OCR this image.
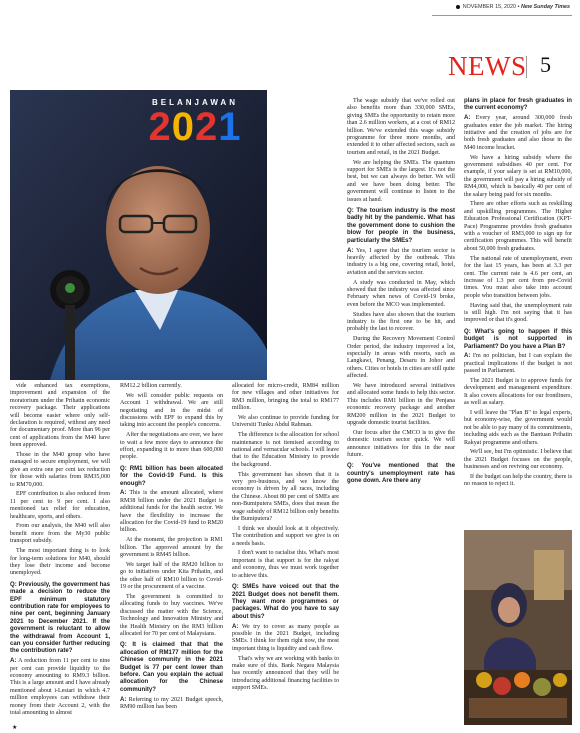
NOVEMBER 15, 2020 • New Sunday Times
NEWS 5
BELANJAWAN
2021

vide enhanced tax exemptions, improvement and expansion of the moratorium under the Prihatin economic recovery package. Their applications will become easier where only self-declaration is required, without any need for documentary proof. More than 96 per cent of applications from the M40 have been approved.

Those in the M40 group who have managed to secure employment, we will give an extra one per cent tax reduction for those with salaries from RM35,000 to RM70,000.

EPF contribution is also reduced from 11 per cent to 9 per cent. I also mentioned tax relief for education, healthcare, sports, and others.

From our analysis, the M40 will also benefit more from the My30 public transport subsidy.

The most important thing is to look for long-term solutions for M40, should they lose their income and become unemployed.

Q: Previously, the government has made a decision to reduce the EPF minimum statutory contribution rate for employees to nine per cent, beginning January 2021 to December 2021. If the government is reluctant to allow the withdrawal from Account 1, can you consider further reducing the contribution rate?

A: A reduction from 11 per cent to nine per cent can provide liquidity to the economy amounting to RM9.3 billion. This is a large amount and I have already mentioned about i-Lestari in which 4.7 million employees can withdraw their money from their Account 2, with the total amounting to almost

RM12.2 billion currently.

We will consider public requests on Account 1 withdrawal. We are still negotiating and in the midst of discussions with EPF to expand this by taking into account the people's concerns.

After the negotiations are over, we have to wait a few more days to announce the effort, expanding it to more than 600,000 people.

Q: RM1 billion has been allocated for the Covid-19 Fund. Is this enough?

A: This is the amount allocated, where RM38 billion under the 2021 Budget is additional funds for the health sector. We have the flexibility to increase the allocation for the Covid-19 fund to RM20 billion.

At the moment, the projection is RM1 billion. The approved amount by the government is RM45 billion.

We target half of the RM20 billion to go to initiatives under Kita Prihatin, and the other half of RM10 billion to Covid-19 or the procurement of a vaccine.

The government is committed to allocating funds to buy vaccines. We've discussed the matter with the Science, Technology and Innovation Ministry and the Health Ministry on the RM3 billion allocated for 70 per cent of Malaysians.

Q: It is claimed that that the allocation of RM177 million for the Chinese community in the 2021 Budget is 77 per cent lower than before. Can you explain the actual allocation for the Chinese community?

A: Referring to my 2021 Budget speech, RM90 million has been

allocated for micro-credit, RM84 million for new villages and other initiatives for RM3 million, bringing the total to RM177 million.

We also continue to provide funding for Universiti Tunku Abdul Rahman.

The difference is the allocation for school maintenance is not itemised according to national and vernacular schools. I will leave that to the Education Ministry to provide the background.

This government has shown that it is very pro-business, and we know the economy is driven by all races, including the Chinese. About 80 per cent of SMEs are non-Bumiputera SMEs, does that mean the wage subsidy of RM12 billion only benefits the Bumiputera?

I think we should look at it objectively. The contribution and support we give is on a needs basis.

I don't want to racialise this. What's most important is that support is for the rakyat and economy, thus we must work together to achieve this.

Q: SMEs have voiced out that the 2021 Budget does not benefit them. They want more programmes or packages. What do you have to say about this?

A: We try to cover as many people as possible in the 2021 Budget, including SMEs. I think for them right now, the most important thing is liquidity and cash flow.

That's why we are working with banks to make sure of this. Bank Negara Malaysia has recently announced that they will be introducing additional financing facilities to support SMEs.

The wage subsidy that we've rolled out also benefits more than 330,000 SMEs, giving SMEs the opportunity to retain more than 2.6 million workers, at a cost of RM12 billion. We've extended this wage subsidy programme for three more months, and extended it to other affected sectors, such as tourism and retail, in the 2021 Budget.

We are helping the SMEs. The quantum support for SMEs is the largest. It's not the best, but we can always do better. We will and we have been doing better. The government will continue to listen to the issues at hand.

Q: The tourism industry is the most badly hit by the pandemic. What has the government done to cushion the blow for people in the business, particularly the SMEs?

A: Yes, I agree that the tourism sector is heavily affected by the outbreak. This industry is a big one, covering retail, hotel, aviation and the services sector.

A study was conducted in May, which showed that the industry was affected since February when news of Covid-19 broke, even before the MCO was implemented.

Studies have also shown that the tourism industry is the first one to be hit, and probably the last to recover.

During the Recovery Movement Control Order period, the industry improved a lot, especially in areas with resorts, such as Langkawi, Penang, Desaru in Johor and others. Cities or hotels in cities are still quite affected.

We have introduced several initiatives and allocated some funds to help this sector. This includes RM1 billion in the Penjana economic recovery package and another RM200 million in the 2021 Budget to upgrade domestic tourist facilities.

Our focus after the CMCO is to give the domestic tourism sector quick. We will announce initiatives for this in the near future.

Q: You've mentioned that the country's unemployment rate has gone down. Are there any

plans in place for fresh graduates in the current economy?

A: Every year, around 300,000 fresh graduates enter the job market. The hiring initiative and the creation of jobs are for both fresh graduates and also those in the M40 income bracket.

We have a hiring subsidy where the government subsidises 40 per cent. For example, if your salary is set at RM10,000, the government will pay a hiring subsidy of RM4,000, which is basically 40 per cent of the salary being paid for six months.

There are other efforts such as reskilling and upskilling programmes. The Higher Education Professional Certification (KPT-Pace) Programme provides fresh graduates with a voucher of RM3,000 to sign up for certification programmes. This will benefit about 50,000 fresh graduates.

The national rate of unemployment, even for the last 15 years, has been at 3.3 per cent. The current rate is 4.6 per cent, an increase of 1.3 per cent from pre-Covid times. You must also take into account people who transition between jobs.

Having said that, the unemployment rate is still high. I'm not saying that it has improved or that it's good.

Q: What's going to happen if this budget is not supported in Parliament? Do you have a Plan B?

A: I'm no politician, but I can explain the practical implications if the budget is not passed in Parliament.

The 2021 Budget is to approve funds for development and management expenditure. It also covers allocations for our frontliners, as well as salary.

I will leave the "Plan B" to legal experts, but economy-wise, the government would not be able to pay many of its commitments, including aids such as the Bantuan Prihatin Rakyat programme and others.

We'll see, but I'm optimistic. I believe that the 2021 Budget focuses on the people, businesses and on reviving our economy.

If the budget can help the country, there is no reason to reject it.

★
